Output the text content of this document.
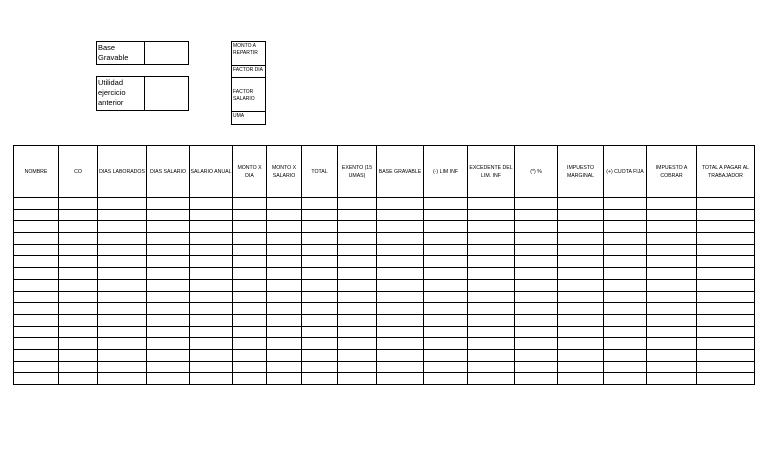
Base Gravable
Utilidad ejercicio anterior
MONTO A REPARTIR
FACTOR DIA
FACTOR SALARIO
UMA
NOMBRE	CO	DIAS LABORADOS	DIAS SALARIO	SALARIO ANUAL	MONTO X DIA	MONTO X SALARIO	TOTAL	EXENTO (15 UMAS)	BASE GRAVABLE	(-) LIM INF	EXCEDENTE DEL LIM. INF	(*) %	IMPUESTO MARGINAL	(+) CUOTA FIJA	IMPUESTO A COBRAR	TOTAL A PAGAR AL TRABAJADOR
